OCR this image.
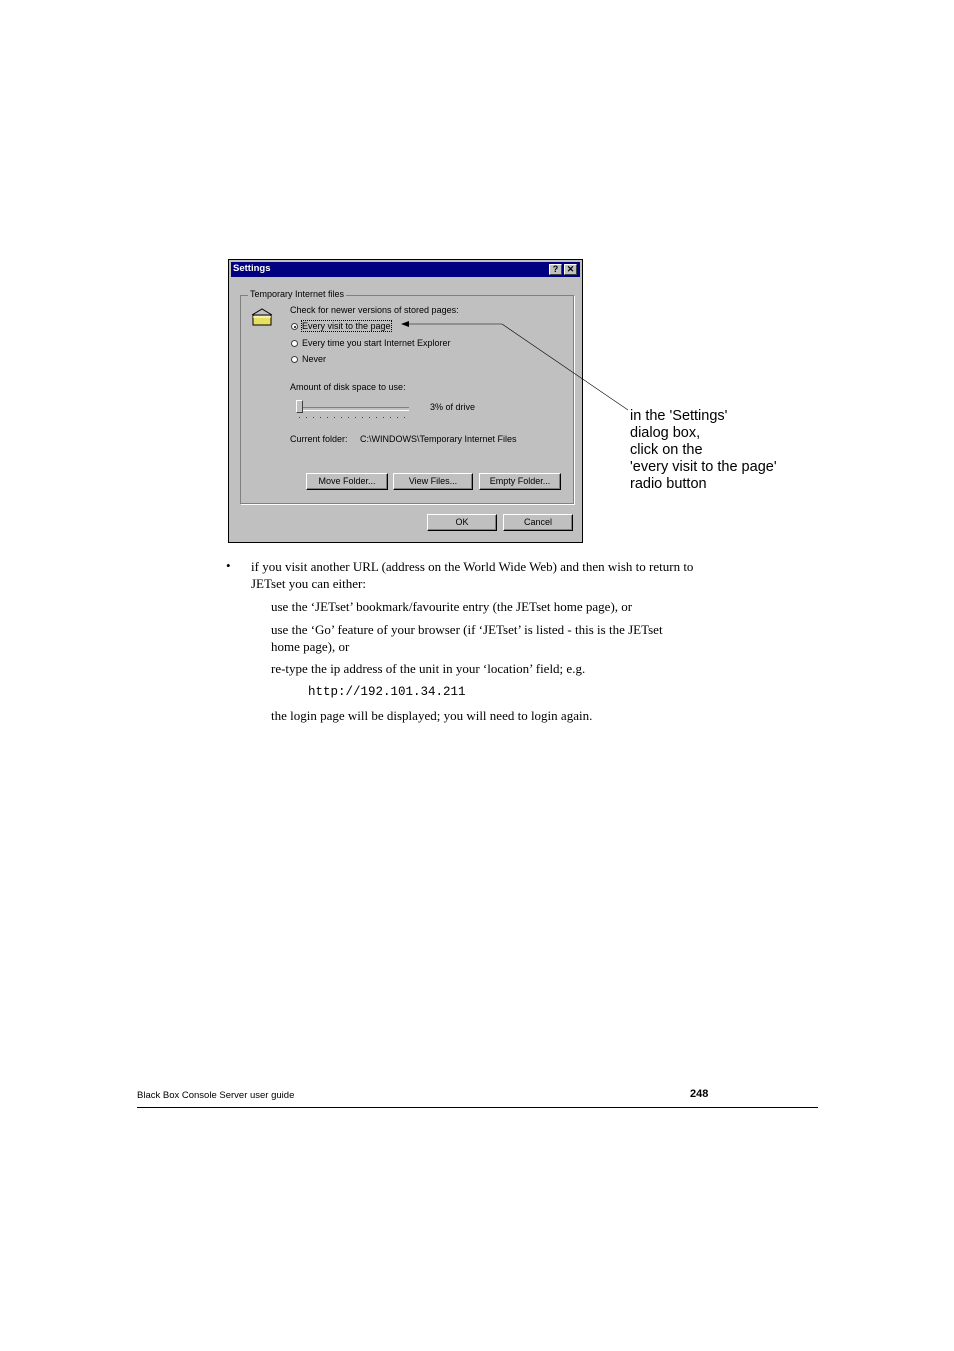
Settings	? ✕
Temporary Internet files
Check for newer versions of stored pages:
Every visit to the page
Every time you start Internet Explorer
Never
Amount of disk space to use:
3% of drive
Current folder: C:\WINDOWS\Temporary Internet Files
Move Folder...	View Files...	Empty Folder...
OK	Cancel
in the 'Settings'
dialog box,
click on the
'every visit to the page'
radio button
• if you visit another URL (address on the World Wide Web) and then wish to return to JETset you can either:
use the ‘JETset’ bookmark/favourite entry (the JETset home page), or
use the ‘Go’ feature of your browser (if ‘JETset’ is listed - this is the JETset home page), or
re-type the ip address of the unit in your ‘location’ field; e.g.
http://192.101.34.211
the login page will be displayed; you will need to login again.
Black Box Console Server user guide	248
